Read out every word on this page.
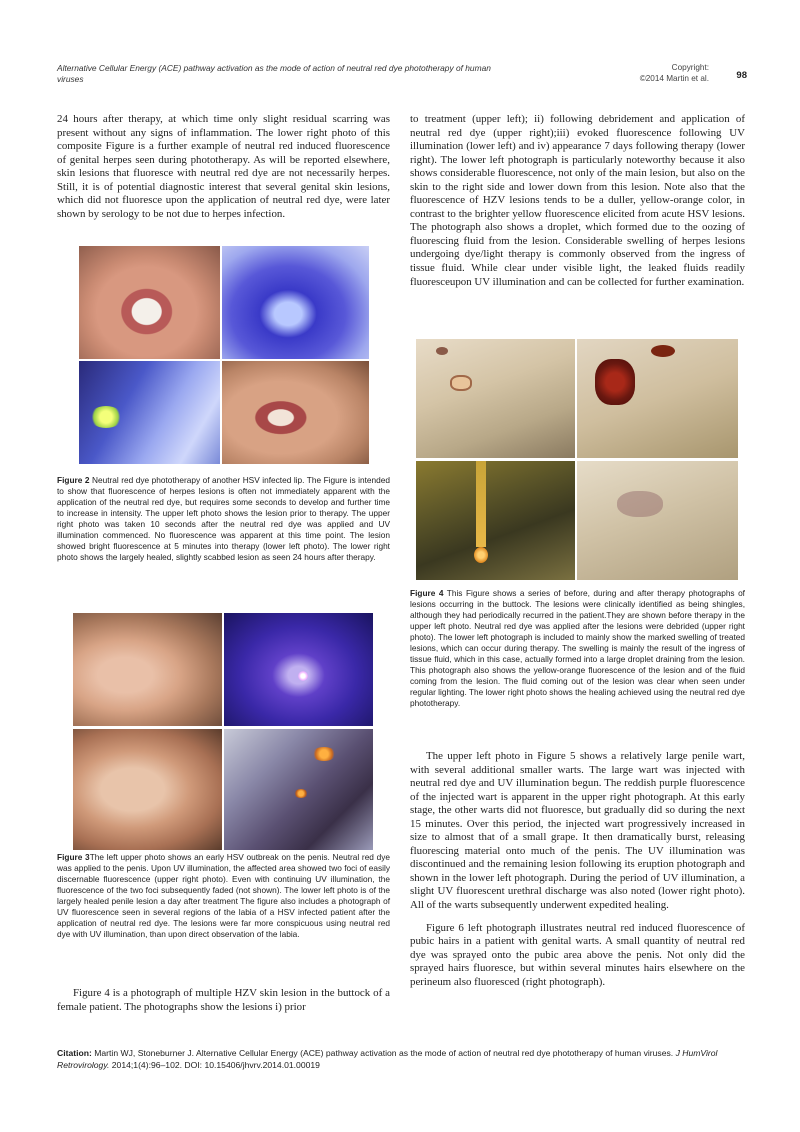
Alternative Cellular Energy (ACE) pathway activation as the mode of action of neutral red dye phototherapy of human viruses
Copyright:
©2014 Martin et al.	98

24 hours after therapy, at which time only slight residual scarring was present without any signs of inflammation. The lower right photo of this composite Figure is a further example of neutral red induced fluorescence of genital herpes seen during phototherapy. As will be reported elsewhere, skin lesions that fluoresce with neutral red dye are not necessarily herpes. Still, it is of potential diagnostic interest that several genital skin lesions, which did not fluoresce upon the application of neutral red dye, were later shown by serology to be not due to herpes infection.

Figure 2 Neutral red dye phototherapy of another HSV infected lip. The Figure is intended to show that fluorescence of herpes lesions is often not immediately apparent with the application of the neutral red dye, but requires some seconds to develop and further time to increase in intensity. The upper left photo shows the lesion prior to therapy. The upper right photo was taken 10 seconds after the neutral red dye was applied and UV illumination commenced. No fluorescence was apparent at this time point. The lesion showed bright fluorescence at 5 minutes into therapy (lower left photo). The lower right photo shows the largely healed, slightly scabbed lesion as seen 24 hours after therapy.
Figure 3The left upper photo shows an early HSV outbreak on the penis. Neutral red dye was applied to the penis. Upon UV illumination, the affected area showed two foci of easily discernable fluorescence (upper right photo). Even with continuing UV illumination, the fluorescence of the two foci subsequently faded (not shown). The lower left photo is of the largely healed penile lesion a day after treatment The figure also includes a photograph of UV fluorescence seen in several regions of the labia of a HSV infected patient after the application of neutral red dye. The lesions were far more conspicuous using neutral red dye with UV illumination, than upon direct observation of the labia.

Figure 4 is a photograph of multiple HZV skin lesion in the buttock of a female patient. The photographs show the lesions i) prior

to treatment (upper left); ii) following debridement and application of neutral red dye (upper right);iii) evoked fluorescence following UV illumination (lower left) and iv) appearance 7 days following therapy (lower right). The lower left photograph is particularly noteworthy because it also shows considerable fluorescence, not only of the main lesion, but also on the skin to the right side and lower down from this lesion. Note also that the fluorescence of HZV lesions tends to be a duller, yellow-orange color, in contrast to the brighter yellow fluorescence elicited from acute HSV lesions. The photograph also shows a droplet, which formed due to the oozing of fluorescing fluid from the lesion. Considerable swelling of herpes lesions undergoing dye/light therapy is commonly observed from the ingress of tissue fluid. While clear under visible light, the leaked fluids readily fluoresceupon UV illumination and can be collected for further examination.

Figure 4 This Figure shows a series of before, during and after therapy photographs of lesions occurring in the buttock. The lesions were clinically identified as being shingles, although they had periodically recurred in the patient.They are shown before therapy in the upper left photo. Neutral red dye was applied after the lesions were debrided (upper right photo). The lower left photograph is included to mainly show the marked swelling of treated lesions, which can occur during therapy. The swelling is mainly the result of the ingress of tissue fluid, which in this case, actually formed into a large droplet draining from the lesion. This photograph also shows the yellow-orange fluorescence of the lesion and of the fluid coming from the lesion. The fluid coming out of the lesion was clear when seen under regular lighting. The lower right photo shows the healing achieved using the neutral red dye phototherapy.

The upper left photo in Figure 5 shows a relatively large penile wart, with several additional smaller warts. The large wart was injected with neutral red dye and UV illumination begun. The reddish purple fluorescence of the injected wart is apparent in the upper right photograph. At this early stage, the other warts did not fluoresce, but gradually did so during the next 15 minutes. Over this period, the injected wart progressively increased in size to almost that of a small grape. It then dramatically burst, releasing fluorescing material onto much of the penis. The UV illumination was discontinued and the remaining lesion following its eruption photograph and shown in the lower left photograph. During the period of UV illumination, a slight UV fluorescent urethral discharge was also noted (lower right photo). All of the warts subsequently underwent expedited healing.

Figure 6 left photograph illustrates neutral red induced fluorescence of pubic hairs in a patient with genital warts. A small quantity of neutral red dye was sprayed onto the pubic area above the penis. Not only did the sprayed hairs fluoresce, but within several minutes hairs elsewhere on the perineum also fluoresced (right photograph).

Citation: Martin WJ, Stoneburner J. Alternative Cellular Energy (ACE) pathway activation as the mode of action of neutral red dye phototherapy of human viruses. J HumVirol Retrovirology. 2014;1(4):96‒102. DOI: 10.15406/jhvrv.2014.01.00019
